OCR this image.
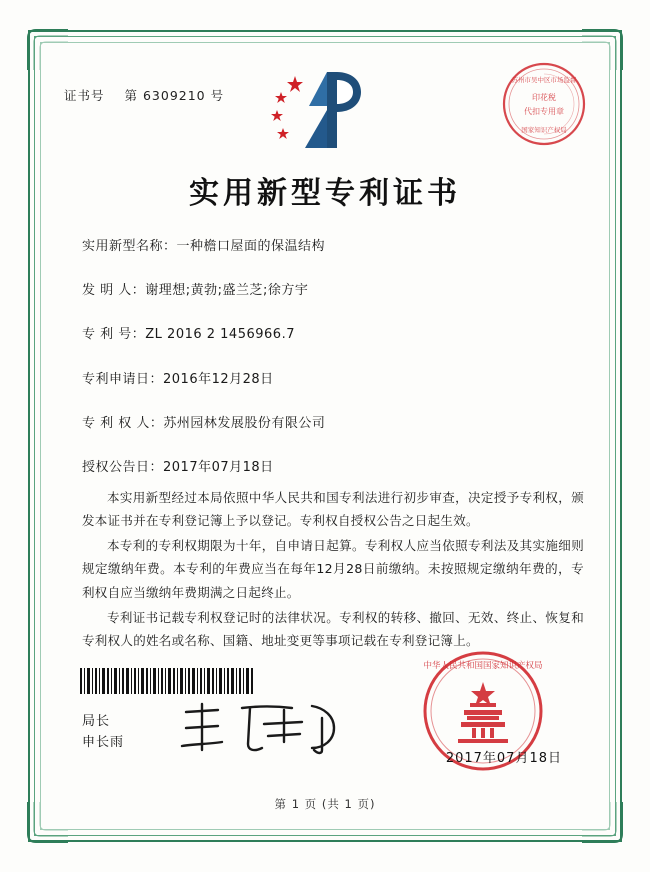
证书号 第 6309210 号
苏州市吴中区市场监督
印花税
代扣专用章
国家知识产权局
实用新型专利证书
实用新型名称：一种檐口屋面的保温结构
发 明 人：谢理想;黄勃;盛兰芝;徐方宇
专 利 号：ZL 2016 2 1456966.7
专利申请日：2016年12月28日
专 利 权 人：苏州园林发展股份有限公司
授权公告日：2017年07月18日

本实用新型经过本局依照中华人民共和国专利法进行初步审查，决定授予专利权，颁发本证书并在专利登记簿上予以登记。专利权自授权公告之日起生效。

本专利的专利权期限为十年，自申请日起算。专利权人应当依照专利法及其实施细则规定缴纳年费。本专利的年费应当在每年12月28日前缴纳。未按照规定缴纳年费的，专利权自应当缴纳年费期满之日起终止。

专利证书记载专利权登记时的法律状况。专利权的转移、撤回、无效、终止、恢复和专利权人的姓名或名称、国籍、地址变更等事项记载在专利登记簿上。

局长
申长雨
中华人民共和国国家知识产权局
2017年07月18日
第 1 页 (共 1 页)
